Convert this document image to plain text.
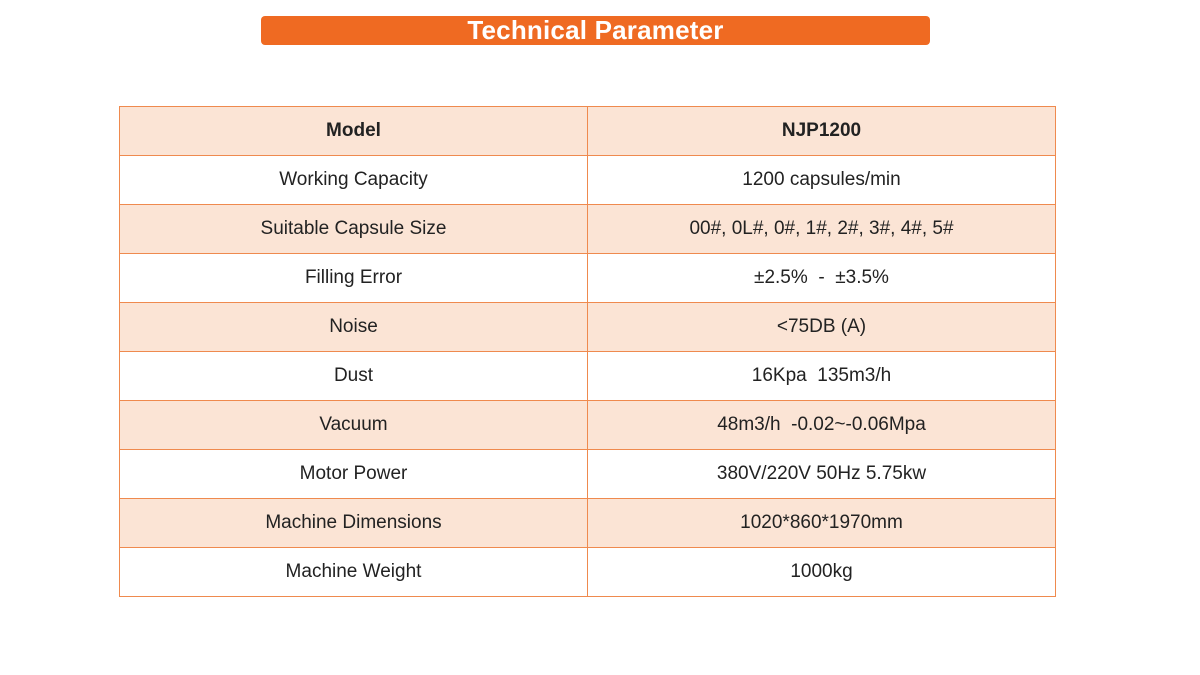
Technical Parameter
Model	NJP1200
Working Capacity	1200 capsules/min
Suitable Capsule Size	00#, 0L#, 0#, 1#, 2#, 3#, 4#, 5#
Filling Error	±2.5%  -  ±3.5%
Noise	<75DB (A)
Dust	16Kpa  135m3/h
Vacuum	48m3/h  -0.02~-0.06Mpa
Motor Power	380V/220V 50Hz 5.75kw
Machine Dimensions	1020*860*1970mm
Machine Weight	1000kg
